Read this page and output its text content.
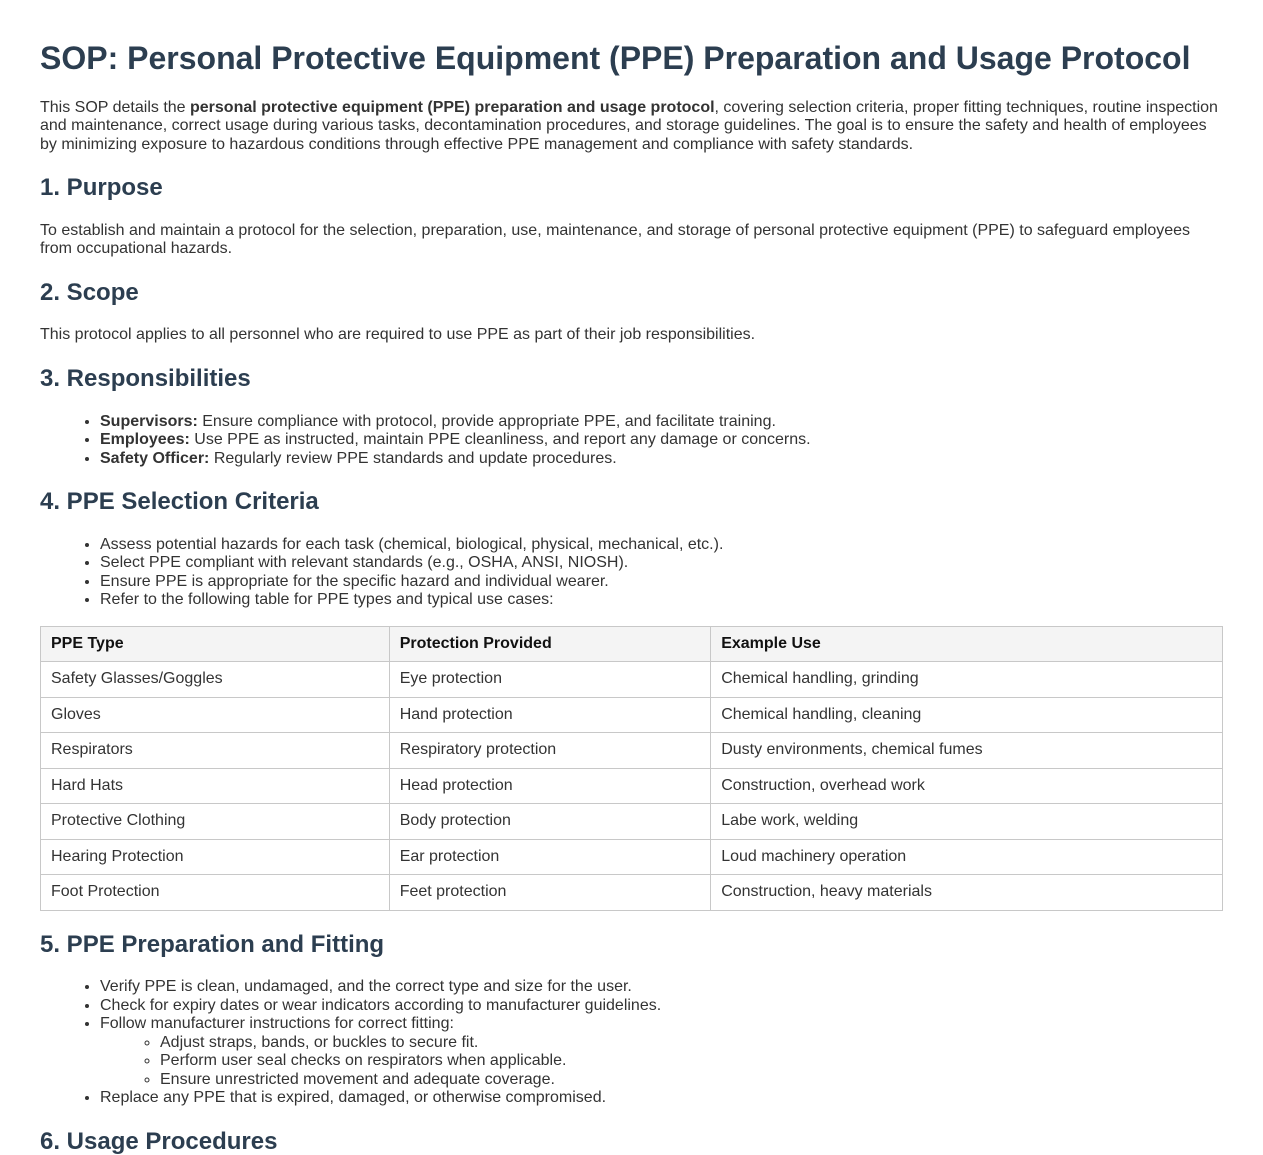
SOP: Personal Protective Equipment (PPE) Preparation and Usage Protocol

This SOP details the personal protective equipment (PPE) preparation and usage protocol, covering selection criteria, proper fitting techniques, routine inspection and maintenance, correct usage during various tasks, decontamination procedures, and storage guidelines. The goal is to ensure the safety and health of employees by minimizing exposure to hazardous conditions through effective PPE management and compliance with safety standards.

1. Purpose

To establish and maintain a protocol for the selection, preparation, use, maintenance, and storage of personal protective equipment (PPE) to safeguard employees from occupational hazards.

2. Scope

This protocol applies to all personnel who are required to use PPE as part of their job responsibilities.

3. Responsibilities
• Supervisors: Ensure compliance with protocol, provide appropriate PPE, and facilitate training.
• Employees: Use PPE as instructed, maintain PPE cleanliness, and report any damage or concerns.
• Safety Officer: Regularly review PPE standards and update procedures.
4. PPE Selection Criteria
• Assess potential hazards for each task (chemical, biological, physical, mechanical, etc.).
• Select PPE compliant with relevant standards (e.g., OSHA, ANSI, NIOSH).
• Ensure PPE is appropriate for the specific hazard and individual wearer.
• Refer to the following table for PPE types and typical use cases:
PPE Type	Protection Provided	Example Use
Safety Glasses/Goggles	Eye protection	Chemical handling, grinding
Gloves	Hand protection	Chemical handling, cleaning
Respirators	Respiratory protection	Dusty environments, chemical fumes
Hard Hats	Head protection	Construction, overhead work
Protective Clothing	Body protection	Labe work, welding
Hearing Protection	Ear protection	Loud machinery operation
Foot Protection	Feet protection	Construction, heavy materials
5. PPE Preparation and Fitting
• Verify PPE is clean, undamaged, and the correct type and size for the user.
• Check for expiry dates or wear indicators according to manufacturer guidelines.
• Follow manufacturer instructions for correct fitting:
◦ Adjust straps, bands, or buckles to secure fit.
◦ Perform user seal checks on respirators when applicable.
◦ Ensure unrestricted movement and adequate coverage.
• Replace any PPE that is expired, damaged, or otherwise compromised.
6. Usage Procedures
